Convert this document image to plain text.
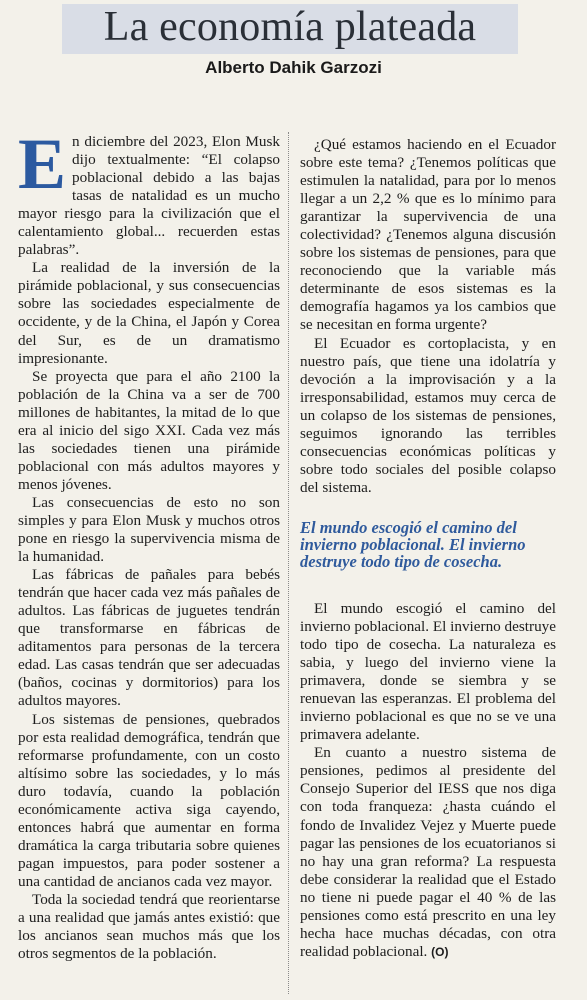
La economía plateada
Alberto Dahik Garzozi

En diciembre del 2023, Elon Musk dijo textualmente: “El colapso poblacional debido a las bajas tasas de natalidad es un mucho mayor riesgo para la civilización que el calentamiento global... recuerden estas palabras”.

La realidad de la inversión de la pirámide poblacional, y sus consecuencias sobre las sociedades especialmente de occidente, y de la China, el Japón y Corea del Sur, es de un dramatismo impresionante.

Se proyecta que para el año 2100 la población de la China va a ser de 700 millones de habitantes, la mitad de lo que era al inicio del sigo XXI. Cada vez más las sociedades tienen una pirámide poblacional con más adultos mayores y menos jóvenes.

Las consecuencias de esto no son simples y para Elon Musk y muchos otros pone en riesgo la supervivencia misma de la humanidad.

Las fábricas de pañales para bebés tendrán que hacer cada vez más pañales de adultos. Las fábricas de juguetes tendrán que transformarse en fábricas de aditamentos para personas de la tercera edad. Las casas tendrán que ser adecuadas (baños, cocinas y dormitorios) para los adultos mayores.

Los sistemas de pensiones, quebrados por esta realidad demográfica, tendrán que reformarse profundamente, con un costo altísimo sobre las sociedades, y lo más duro todavía, cuando la población económicamente activa siga cayendo, entonces habrá que aumentar en forma dramática la carga tributaria sobre quienes pagan impuestos, para poder sostener a una cantidad de ancianos cada vez mayor.

Toda la sociedad tendrá que reorientarse a una realidad que jamás antes existió: que los ancianos sean muchos más que los otros segmentos de la población.

¿Qué estamos haciendo en el Ecuador sobre este tema? ¿Tenemos políticas que estimulen la natalidad, para por lo menos llegar a un 2,2 % que es lo mínimo para garantizar la supervivencia de una colectividad? ¿Tenemos alguna discusión sobre los sistemas de pensiones, para que reconociendo que la variable más determinante de esos sistemas es la demografía hagamos ya los cambios que se necesitan en forma urgente?

El Ecuador es cortoplacista, y en nuestro país, que tiene una idolatría y devoción a la improvisación y a la irresponsabilidad, estamos muy cerca de un colapso de los sistemas de pensiones, seguimos ignorando las terribles consecuencias económicas políticas y sobre todo sociales del posible colapso del sistema.

El mundo escogió el camino del invierno poblacional. El invierno destruye todo tipo de cosecha.

El mundo escogió el camino del invierno poblacional. El invierno destruye todo tipo de cosecha. La naturaleza es sabia, y luego del invierno viene la primavera, donde se siembra y se renuevan las esperanzas. El problema del invierno poblacional es que no se ve una primavera adelante.

En cuanto a nuestro sistema de pensiones, pedimos al presidente del Consejo Superior del IESS que nos diga con toda franqueza: ¿hasta cuándo el fondo de Invalidez Vejez y Muerte puede pagar las pensiones de los ecuatorianos si no hay una gran reforma? La respuesta debe considerar la realidad que el Estado no tiene ni puede pagar el 40 % de las pensiones como está prescrito en una ley hecha hace muchas décadas, con otra realidad poblacional. (O)
